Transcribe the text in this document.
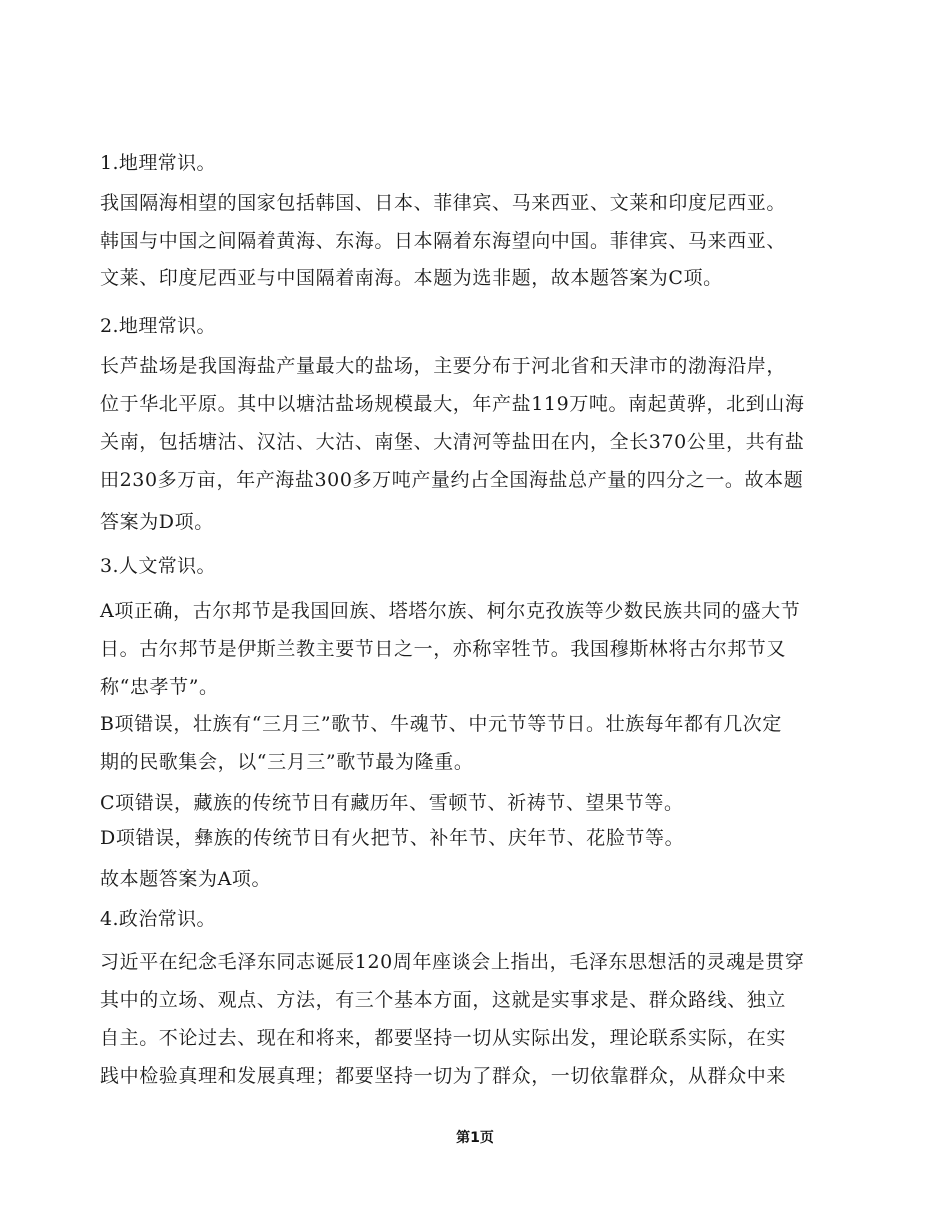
1.地理常识。
我国隔海相望的国家包括韩国、日本、菲律宾、马来西亚、文莱和印度尼西亚。
韩国与中国之间隔着黄海、东海。日本隔着东海望向中国。菲律宾、马来西亚、
文莱、印度尼西亚与中国隔着南海。本题为选非题，故本题答案为C项。
2.地理常识。
长芦盐场是我国海盐产量最大的盐场，主要分布于河北省和天津市的渤海沿岸，
位于华北平原。其中以塘沽盐场规模最大，年产盐119万吨。南起黄骅，北到山海
关南，包括塘沽、汉沽、大沽、南堡、大清河等盐田在内，全长370公里，共有盐
田230多万亩，年产海盐300多万吨产量约占全国海盐总产量的四分之一。故本题
答案为D项。
3.人文常识。
A项正确，古尔邦节是我国回族、塔塔尔族、柯尔克孜族等少数民族共同的盛大节
日。古尔邦节是伊斯兰教主要节日之一，亦称宰牲节。我国穆斯林将古尔邦节又
称“忠孝节”。
B项错误，壮族有“三月三”歌节、牛魂节、中元节等节日。壮族每年都有几次定
期的民歌集会，以“三月三”歌节最为隆重。
C项错误，藏族的传统节日有藏历年、雪顿节、祈祷节、望果节等。
D项错误，彝族的传统节日有火把节、补年节、庆年节、花脸节等。
故本题答案为A项。
4.政治常识。
习近平在纪念毛泽东同志诞辰120周年座谈会上指出，毛泽东思想活的灵魂是贯穿
其中的立场、观点、方法，有三个基本方面，这就是实事求是、群众路线、独立
自主。不论过去、现在和将来，都要坚持一切从实际出发，理论联系实际，在实
践中检验真理和发展真理；都要坚持一切为了群众，一切依靠群众，从群众中来
第1页
